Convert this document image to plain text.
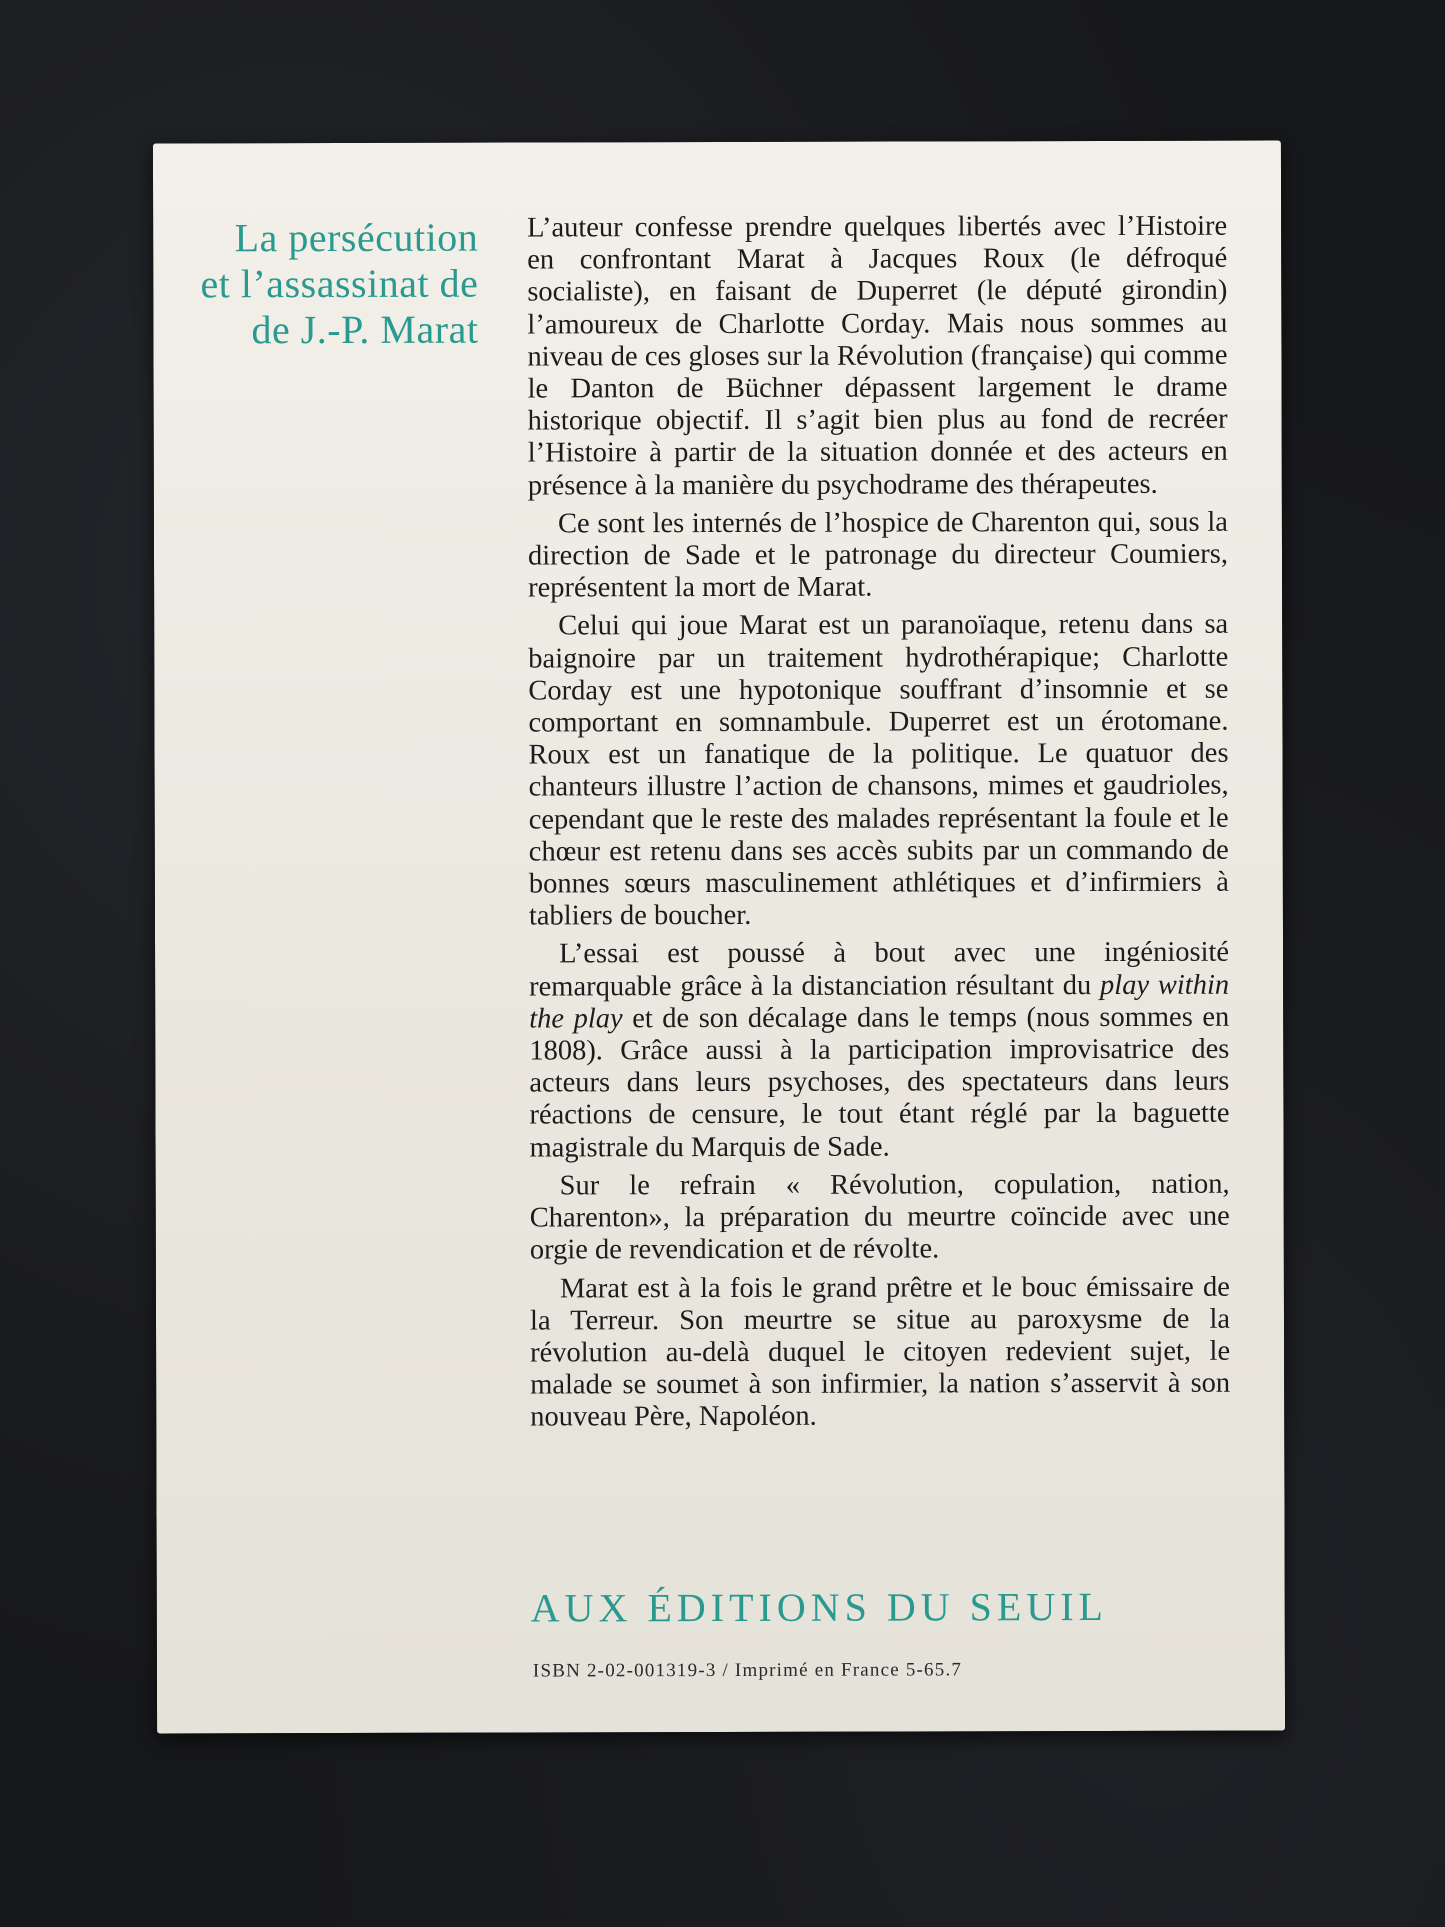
La persécution
et l’assassinat de
de J.-P. Marat

L’auteur confesse prendre quelques libertés avec l’Histoire en confrontant Marat à Jacques Roux (le défroqué socialiste), en faisant de Duperret (le député girondin) l’amoureux de Charlotte Corday. Mais nous sommes au niveau de ces gloses sur la Révolution (française) qui comme le Danton de Büchner dépassent largement le drame historique objectif. Il s’agit bien plus au fond de recréer l’Histoire à partir de la situation donnée et des acteurs en présence à la manière du psychodrame des thérapeutes.

Ce sont les internés de l’hospice de Charenton qui, sous la direction de Sade et le patronage du directeur Coumiers, représentent la mort de Marat.

Celui qui joue Marat est un paranoïaque, retenu dans sa baignoire par un traitement hydrothérapique; Charlotte Corday est une hypotonique souffrant d’insomnie et se comportant en somnambule. Duperret est un érotomane. Roux est un fanatique de la politique. Le quatuor des chanteurs illustre l’action de chansons, mimes et gaudrioles, cependant que le reste des malades représentant la foule et le chœur est retenu dans ses accès subits par un commando de bonnes sœurs masculinement athlétiques et d’infirmiers à tabliers de boucher.

L’essai est poussé à bout avec une ingéniosité remarquable grâce à la distanciation résultant du play within the play et de son décalage dans le temps (nous sommes en 1808). Grâce aussi à la participation improvisatrice des acteurs dans leurs psychoses, des spectateurs dans leurs réactions de censure, le tout étant réglé par la baguette magistrale du Marquis de Sade.

Sur le refrain « Révolution, copulation, nation, Charenton», la préparation du meurtre coïncide avec une orgie de revendication et de révolte.

Marat est à la fois le grand prêtre et le bouc émissaire de la Terreur. Son meurtre se situe au paroxysme de la révolution au-delà duquel le citoyen redevient sujet, le malade se soumet à son infirmier, la nation s’asservit à son nouveau Père, Napoléon.

AUX ÉDITIONS DU SEUIL
ISBN 2-02-001319-3 / Imprimé en France 5-65.7
